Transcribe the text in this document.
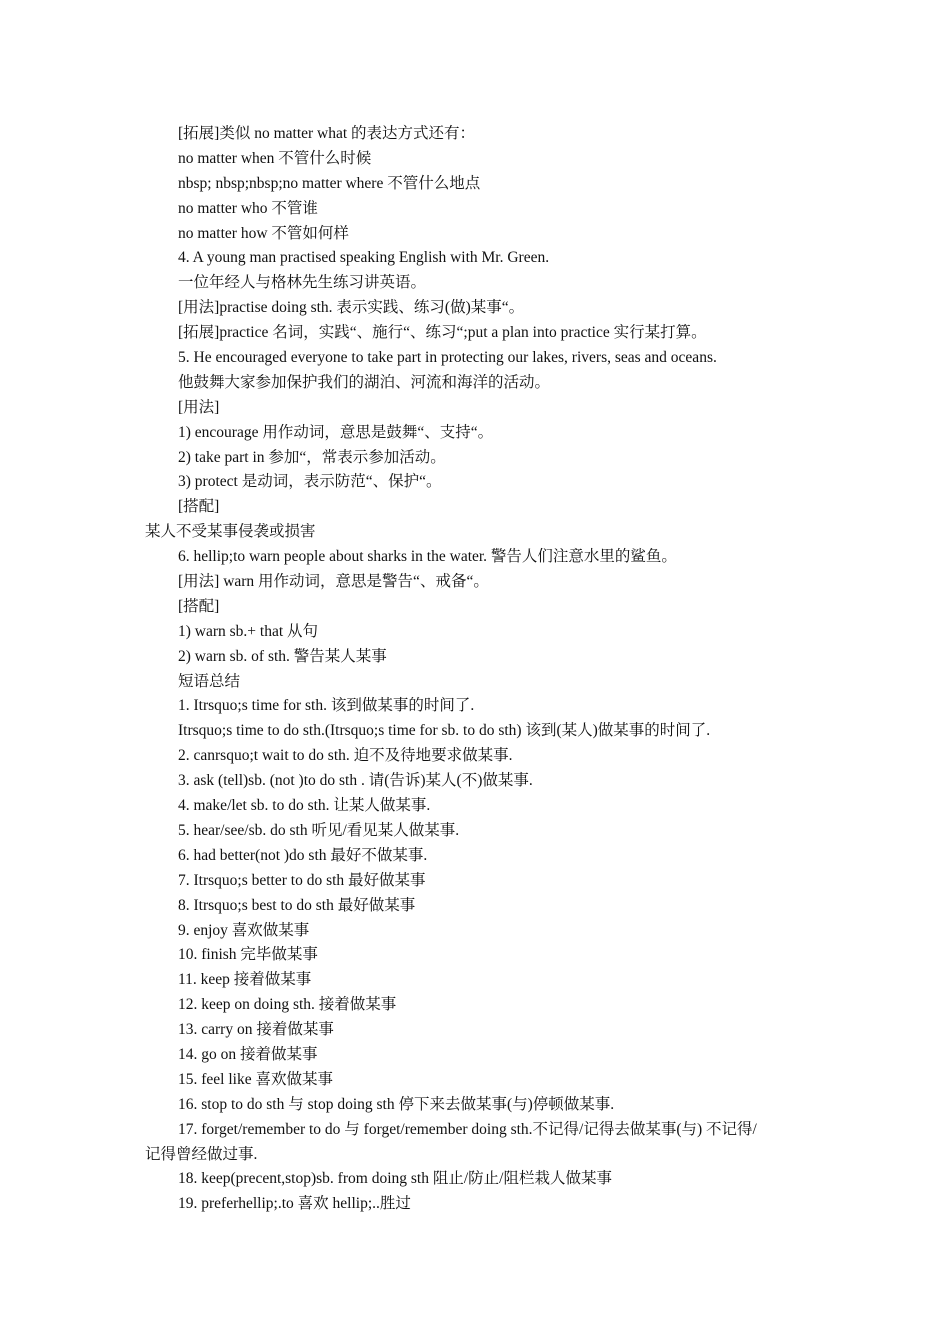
[拓展]类似 no matter what 的表达方式还有：
no matter when 不管什么时候
nbsp; nbsp;nbsp;no matter where 不管什么地点
no matter who 不管谁
no matter how 不管如何样
4. A young man practised speaking English with Mr. Green.
一位年经人与格林先生练习讲英语。
[用法]practise doing sth. 表示实践、练习(做)某事“。
[拓展]practice 名词，实践“、施行“、练习“;put a plan into practice 实行某打算。
5. He encouraged everyone to take part in protecting our lakes, rivers, seas and oceans.
他鼓舞大家参加保护我们的湖泊、河流和海洋的活动。
[用法]
1) encourage 用作动词，意思是鼓舞“、支持“。
2) take part in 参加“，常表示参加活动。
3) protect 是动词，表示防范“、保护“。
[搭配]
某人不受某事侵袭或损害
6. hellip;to warn people about sharks in the water. 警告人们注意水里的鲨鱼。
[用法] warn 用作动词，意思是警告“、戒备“。
[搭配]
1) warn sb.+ that 从句
2) warn sb. of sth. 警告某人某事
短语总结
1. Itrsquo;s time for sth. 该到做某事的时间了.
Itrsquo;s time to do sth.(Itrsquo;s time for sb. to do sth) 该到(某人)做某事的时间了.
2. canrsquo;t wait to do sth. 迫不及待地要求做某事.
3. ask (tell)sb. (not )to do sth . 请(告诉)某人(不)做某事.
4. make/let sb. to do sth. 让某人做某事.
5. hear/see/sb. do sth 听见/看见某人做某事.
6. had better(not )do sth 最好不做某事.
7. Itrsquo;s better to do sth 最好做某事
8. Itrsquo;s best to do sth 最好做某事
9. enjoy 喜欢做某事
10. finish 完毕做某事
11. keep 接着做某事
12. keep on doing sth. 接着做某事
13. carry on 接着做某事
14. go on 接着做某事
15. feel like 喜欢做某事
16. stop to do sth 与 stop doing sth 停下来去做某事(与)停顿做某事.
17. forget/remember to do 与 forget/remember doing sth.不记得/记得去做某事(与) 不记得/
记得曾经做过事.
18. keep(precent,stop)sb. from doing sth 阻止/防止/阻栏栽人做某事
19. preferhellip;.to 喜欢 hellip;..胜过
